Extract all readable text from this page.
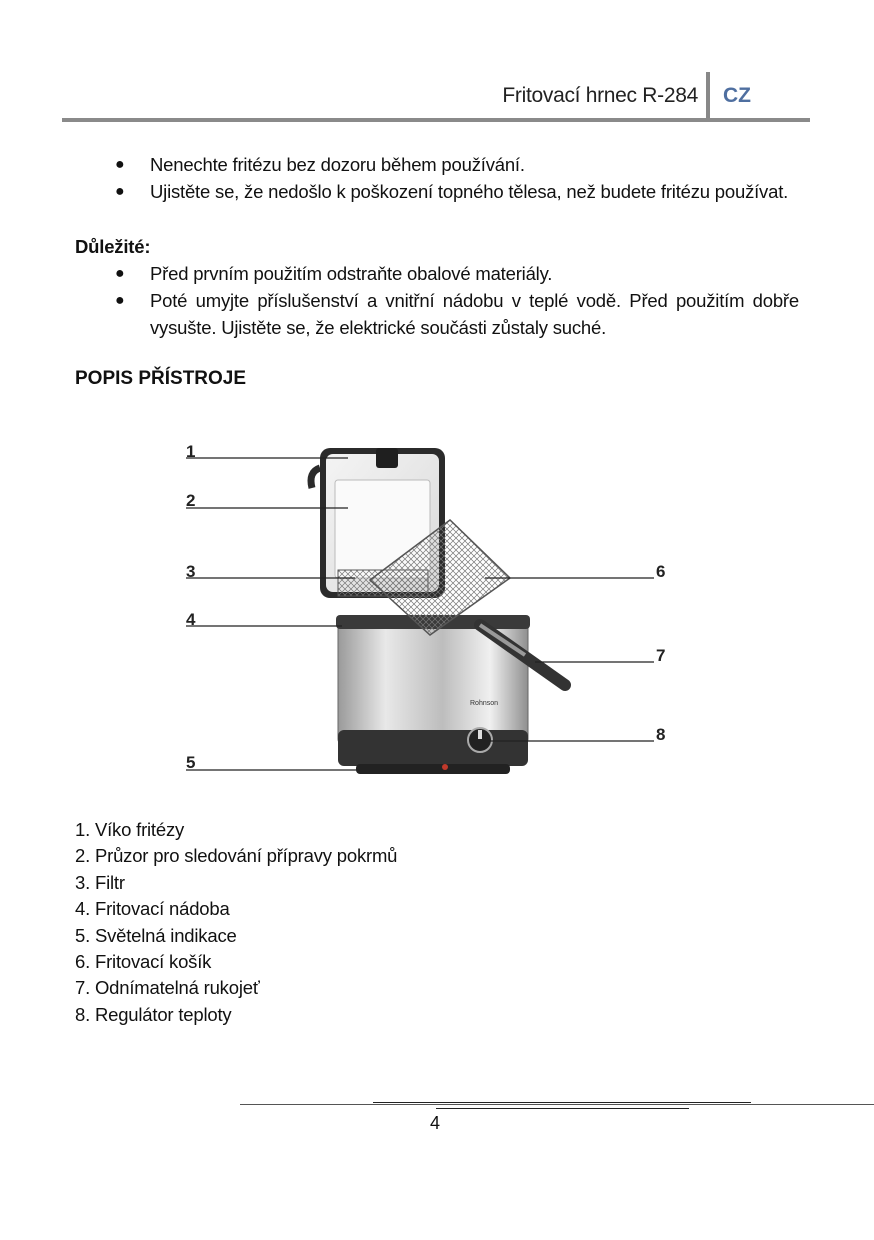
Fritovací hrnec R-284 CZ
● Nenechte fritézu bez dozoru během používání.
● Ujistěte se, že nedošlo k poškození topného tělesa, než budete fritézu používat.
Důležité:
● Před prvním použitím odstraňte obalové materiály.
● Poté umyjte příslušenství a vnitřní nádobu v teplé vodě. Před použitím dobře vysušte. Ujistěte se, že elektrické součásti zůstaly suché.
POPIS PŘÍSTROJE
Rohnson
1
2
3
4
5
6
7
8
1. Víko fritézy
2. Průzor pro sledování přípravy pokrmů
3. Filtr
4. Fritovací nádoba
5. Světelná indikace
6. Fritovací košík
7. Odnímatelná rukojeť
8. Regulátor teploty
4
